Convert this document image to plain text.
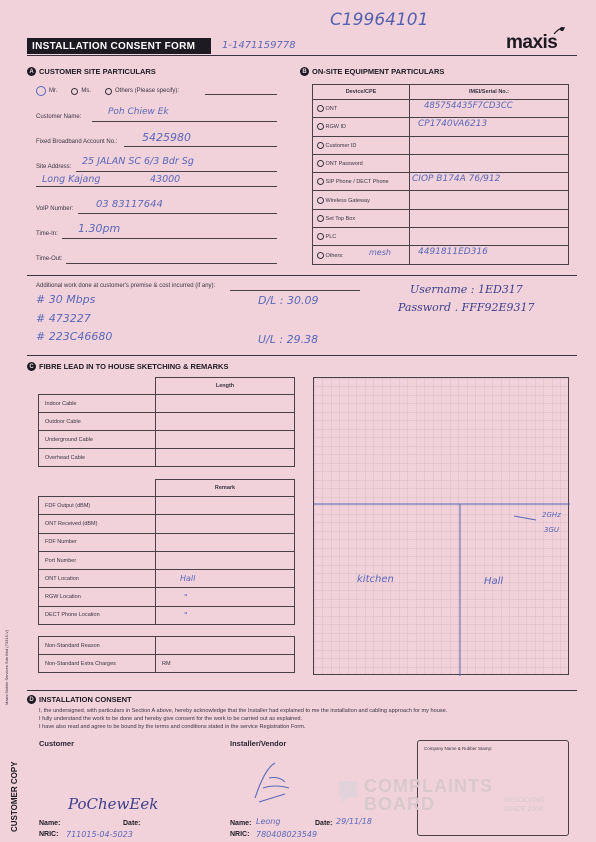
C19964101
INSTALLATION CONSENT FORM	1-1471159778	maxis
A CUSTOMER SITE PARTICULARS
Mr.	Ms.	Others (Please specify):
Customer Name:	Poh Chiew Ek
Fixed Broadband Account No.: 5425980
Site Address: 25 JALAN SC 6/3 Bdr Sg
Long Kajang	43000
VoIP Number: 03 83117644
Time-In: 1.30pm
Time-Out:
B ON-SITE EQUIPMENT PARTICULARS
Device/CPE	IMEI/Serial No.:
ONT	485754435F7CD3CC

RGW ID	CP1740VA6213

Customer ID	
ONT Password	
SIP Phone / DECT Phone	CIOP B174A 76/912

Wireless Gateway	
Set Top Box	
PLC	
Others: mesh	4491811ED316
Additional work done at customer's premise & cost incurred (if any):
# 30 Mbps
# 473227
# 223C46680
D/L : 30.09
U/L : 29.38
Username : 1ED317
Password . FFF92E9317
C FIBRE LEAD IN TO HOUSE SKETCHING & REMARKS
	Length
Indoor Cable	
Outdoor Cable	
Underground Cable	
Overhead Cable	
	Remark
FDF Output (dBM)	
ONT Received (dBM)	
FDF Number	
Port Number	
ONT Location	Hall
RGW Location	"
DECT Phone Location	"
Non-Standard Reason	
Non-Standard Extra Charges	RM
kitchen	Hall
2GHz
3GU
Maxis Mobile Services Sdn Bhd (73315-V)	D INSTALLATION CONSENT
I, the undersigned, with particulars in Section A above, hereby acknowledge that the Installer had explained to me the installation and cabling approach for my house.
I fully understand the work to be done and hereby give consent for the work to be carried out as explained.
I have also read and agree to be bound by the terms and conditions stated in the service Registration Form.
Customer	Installer/Vendor
Company Name & Rubber Stamp:
COMPLAINTS
BOARD	RESOLVING
SINCE 2004
PoChewEek
Name:	Date:
NRIC: 711015-04-5023
Name: Leong	Date: 29/11/18
NRIC: 780408023549
CUSTOMER COPY
